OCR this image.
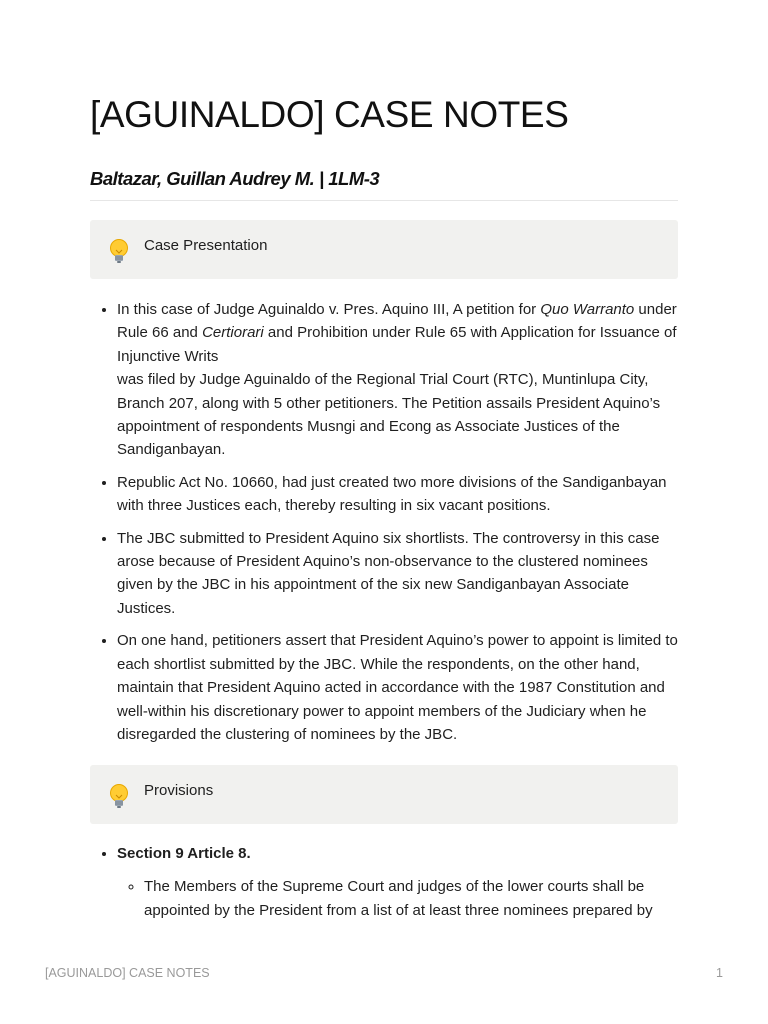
[AGUINALDO] CASE NOTES
Baltazar, Guillan Audrey M. | 1LM-3
Case Presentation
• In this case of Judge Aguinaldo v. Pres. Aquino III, A petition for Quo Warranto under Rule 66 and Certiorari and Prohibition under Rule 65 with Application for Issuance of Injunctive Writs
was filed by Judge Aguinaldo of the Regional Trial Court (RTC), Muntinlupa City, Branch 207, along with 5 other petitioners. The Petition assails President Aquino’s appointment of respondents Musngi and Econg as Associate Justices of the Sandiganbayan.
• Republic Act No. 10660, had just created two more divisions of the Sandiganbayan with three Justices each, thereby resulting in six vacant positions.
• The JBC submitted to President Aquino six shortlists. The controversy in this case arose because of President Aquino’s non-observance to the clustered nominees given by the JBC in his appointment of the six new Sandiganbayan Associate Justices.
• On one hand, petitioners assert that President Aquino’s power to appoint is limited to each shortlist submitted by the JBC. While the respondents, on the other hand, maintain that President Aquino acted in accordance with the 1987 Constitution and well-within his discretionary power to appoint members of the Judiciary when he disregarded the clustering of nominees by the JBC.
Provisions
• Section 9 Article 8.
◦ The Members of the Supreme Court and judges of the lower courts shall be appointed by the President from a list of at least three nominees prepared by
[AGUINALDO] CASE NOTES	1
